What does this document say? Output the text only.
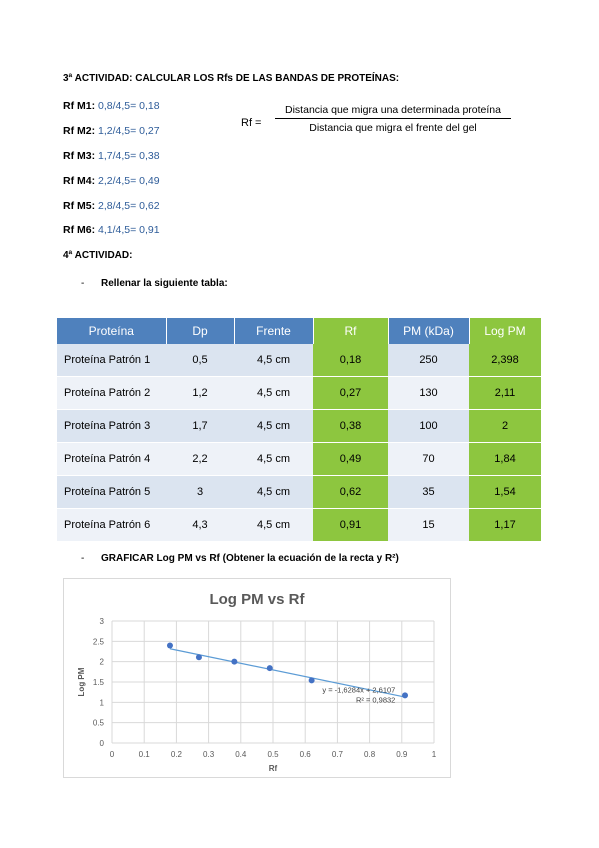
3ª ACTIVIDAD: CALCULAR LOS Rfs DE LAS BANDAS DE PROTEÍNAS:
Rf M1: 0,8/4,5= 0,18
Rf M2: 1,2/4,5= 0,27
Rf M3: 1,7/4,5= 0,38
Rf M4: 2,2/4,5= 0,49
Rf M5: 2,8/4,5= 0,62
Rf M6: 4,1/4,5= 0,91
Rf =
Distancia que migra una determinada proteína
Distancia que migra el frente del gel
4ª ACTIVIDAD:
- Rellenar la siguiente tabla:
Proteína	Dp	Frente	Rf	PM (kDa)	Log PM
Proteína Patrón 1	0,5	4,5 cm	0,18	250	2,398
Proteína Patrón 2	1,2	4,5 cm	0,27	130	2,11
Proteína Patrón 3	1,7	4,5 cm	0,38	100	2
Proteína Patrón 4	2,2	4,5 cm	0,49	70	1,84
Proteína Patrón 5	3	4,5 cm	0,62	35	1,54
Proteína Patrón 6	4,3	4,5 cm	0,91	15	1,17
- GRAFICAR Log PM vs Rf (Obtener la ecuación de la recta y R²)
Log PM vs Rf
0
0.5
1
1.5
2
2.5
3
0	0.1	0.2	0.3	0.4	0.5	0.6	0.7	0.8	0.9	1
y = -1,6284x + 2,6107
R² = 0,9832
Rf
Log PM
